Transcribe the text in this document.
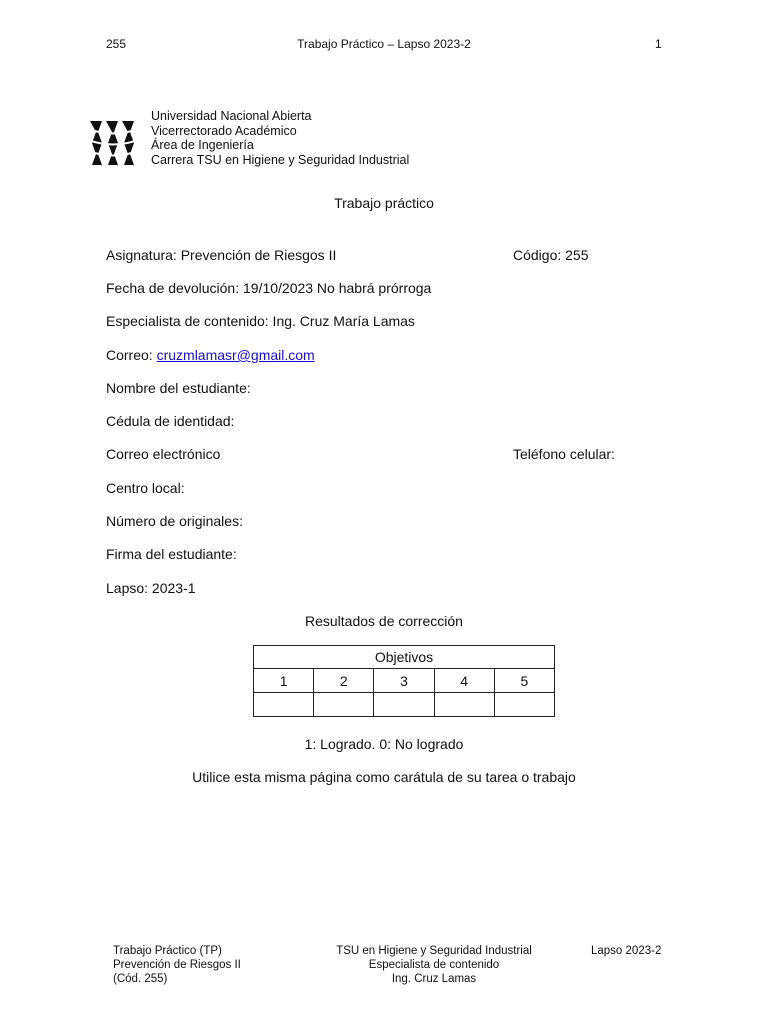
255	Trabajo Práctico – Lapso 2023-2	1
Universidad Nacional Abierta
Vicerrectorado Académico
Área de Ingeniería
Carrera TSU en Higiene y Seguridad Industrial
Trabajo práctico
Asignatura: Prevención de Riesgos II	Código: 255
Fecha de devolución: 19/10/2023 No habrá prórroga
Especialista de contenido: Ing. Cruz María Lamas
Correo: cruzmlamasr@gmail.com
Nombre del estudiante:
Cédula de identidad:
Correo electrónico	Teléfono celular:
Centro local:
Número de originales:
Firma del estudiante:
Lapso: 2023-1
Resultados de corrección
Objetivos				
1	2	3	4	5

1: Logrado. 0: No logrado
Utilice esta misma página como carátula de su tarea o trabajo
Trabajo Práctico (TP)
Prevención de Riesgos II
(Cód. 255)
TSU en Higiene y Seguridad Industrial
Especialista de contenido
Ing. Cruz Lamas
Lapso 2023-2
